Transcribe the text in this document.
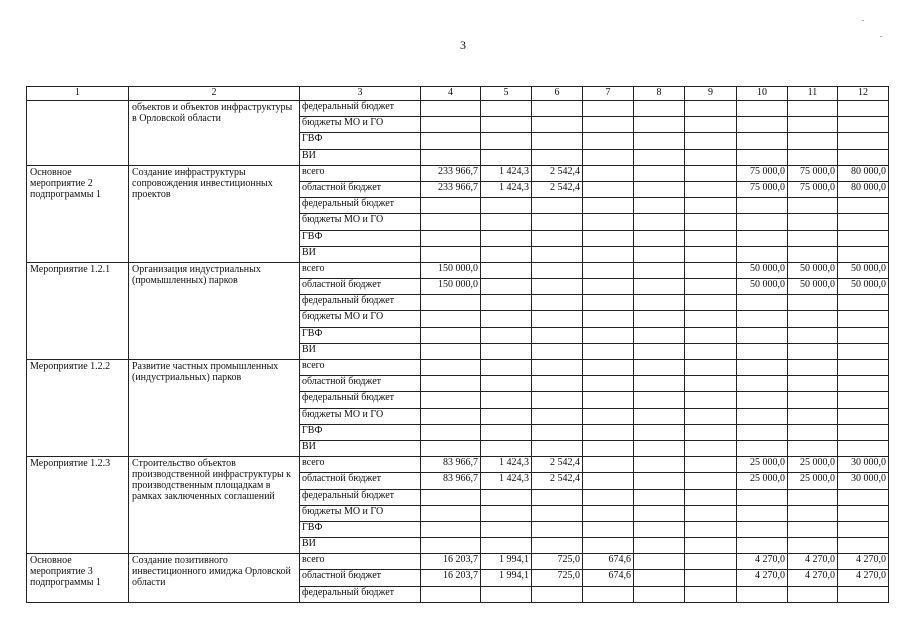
.
.
3
1	2	3	4	5	6	7	8	9	10	11	12
	объектов и объектов инфраструктуры в Орловской области	федеральный бюджет									
		бюджеты МО и ГО									
		ГВФ									
		ВИ									
Основное мероприятие 2 подпрограммы 1	Создание инфраструктуры сопровождения инвестиционных проектов	всего	233 966,7	1 424,3	2 542,4				75 000,0	75 000,0	80 000,0
		областной бюджет	233 966,7	1 424,3	2 542,4				75 000,0	75 000,0	80 000,0
		федеральный бюджет									
		бюджеты МО и ГО									
		ГВФ									
		ВИ									
Мероприятие 1.2.1	Организация индустриальных (промышленных) парков	всего	150 000,0						50 000,0	50 000,0	50 000,0
		областной бюджет	150 000,0						50 000,0	50 000,0	50 000,0
		федеральный бюджет									
		бюджеты МО и ГО									
		ГВФ									
		ВИ									
Мероприятие 1.2.2	Развитие частных промышленных (индустриальных) парков	всего									
		областной бюджет									
		федеральный бюджет									
		бюджеты МО и ГО									
		ГВФ									
		ВИ									
Мероприятие 1.2.3	Строительство объектов производственной инфраструктуры к производственным площадкам в рамках заключенных соглашений	всего	83 966,7	1 424,3	2 542,4				25 000,0	25 000,0	30 000,0
		областной бюджет	83 966,7	1 424,3	2 542,4				25 000,0	25 000,0	30 000,0
		федеральный бюджет									
		бюджеты МО и ГО									
		ГВФ									
		ВИ									
Основное мероприятие 3 подпрограммы 1	Создание позитивного инвестиционного имиджа Орловской области	всего	16 203,7	1 994,1	725,0	674,6			4 270,0	4 270,0	4 270,0
		областной бюджет	16 203,7	1 994,1	725,0	674,6			4 270,0	4 270,0	4 270,0
		федеральный бюджет									
